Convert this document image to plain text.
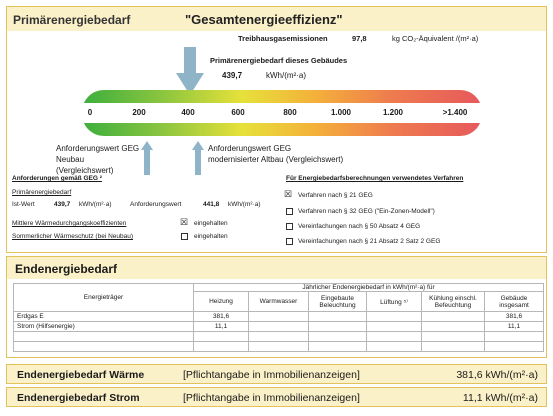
Primärenergiebedarf	"Gesamtenergieeffizienz"
Treibhausgasemissionen	97,8	kg CO₂-Äquivalent /(m²·a)
Primärenergiebedarf dieses Gebäudes
439,7	kWh/(m²·a)
0	200	400	600	800	1.000	1.200	>1.400
Anforderungswert GEG
Neubau (Vergleichswert)
Anforderungswert GEG
modernisierter Altbau (Vergleichswert)
Anforderungen gemäß GEG ²
Primärenergiebedarf
Ist-Wert	439,7 kWh/(m²·a)	Anforderungswert	441,8 kWh/(m²·a)
Mittlere Wärmedurchgangskoeffizienten	☒ eingehalten
Sommerlicher Wärmeschutz (bei Neubau)	eingehalten
Für Energiebedarfsberechnungen verwendetes Verfahren
☒ Verfahren nach § 21 GEG
Verfahren nach § 32 GEG ("Ein-Zonen-Modell")
Vereinfachungen nach § 50 Absatz 4 GEG
Vereinfachungen nach § 21 Absatz 2 Satz 2 GEG
Endenergiebedarf
Energieträger	Jährlicher Endenergiebedarf in kWh/(m²·a) für					
	Heizung	Warmwasser	Eingebaute Beleuchtung	Lüftung ⁵⁾	Kühlung einschl. Befeuchtung	Gebäude insgesamt
Erdgas E	381,6					381,6
Strom (Hilfsenergie)	11,1					11,1

Endenergiebedarf Wärme	[Pflichtangabe in Immobilienanzeigen]	381,6 kWh/(m²·a)
Endenergiebedarf Strom	[Pflichtangabe in Immobilienanzeigen]	11,1 kWh/(m²·a)
